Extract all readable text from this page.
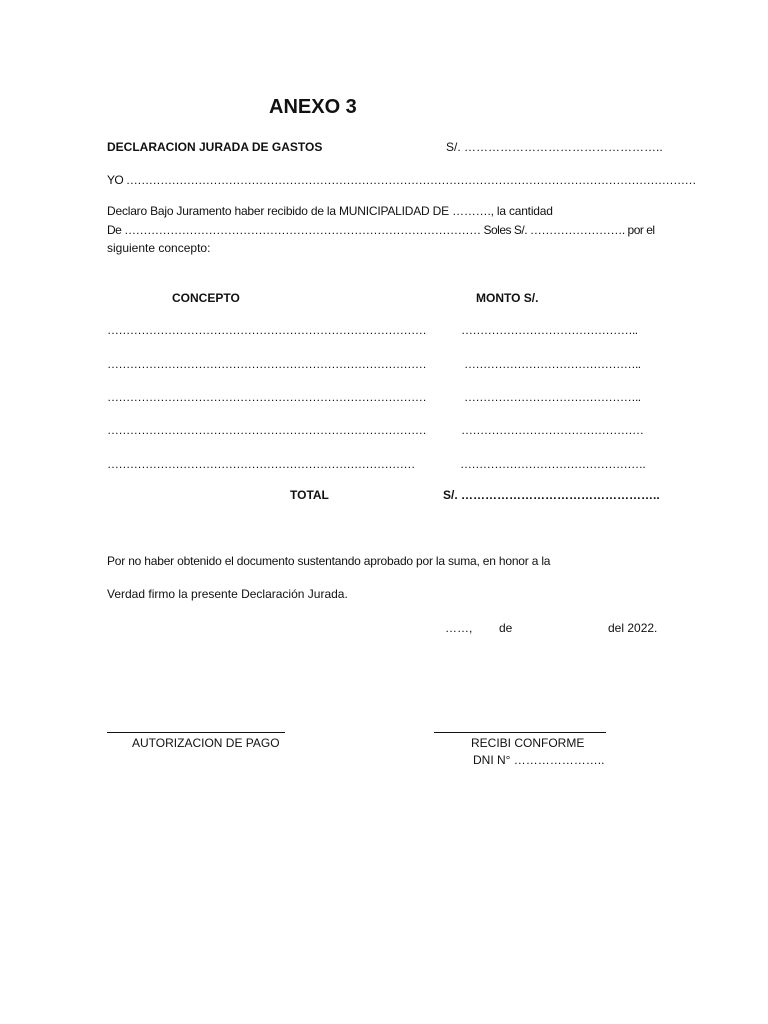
ANEXO 3
DECLARACION JURADA DE GASTOS	S/. …………………………………………..
YO ……………………………………………………………………………………………………………………………………
Declaro Bajo Juramento haber recibido de la MUNICIPALIDAD DE ………., la cantidad
De ………………………………………………………………………………… Soles S/. ……………………. por el
siguiente concepto:
CONCEPTO	MONTO S/.
…………………………………………………………………………	………………………………………..
…………………………………………………………………………	………………………………………..
…………………………………………………………………………	………………………………………..
…………………………………………………………………………	…………………………………………
………………………………………………………………………	………………………………………….
TOTAL	S/. …………………………………………..
Por no haber obtenido el documento sustentando aprobado por la suma, en honor a la
Verdad firmo la presente Declaración Jurada.
……, de	del 2022.
AUTORIZACION DE PAGO	RECIBI CONFORME
DNI N° …………………..
